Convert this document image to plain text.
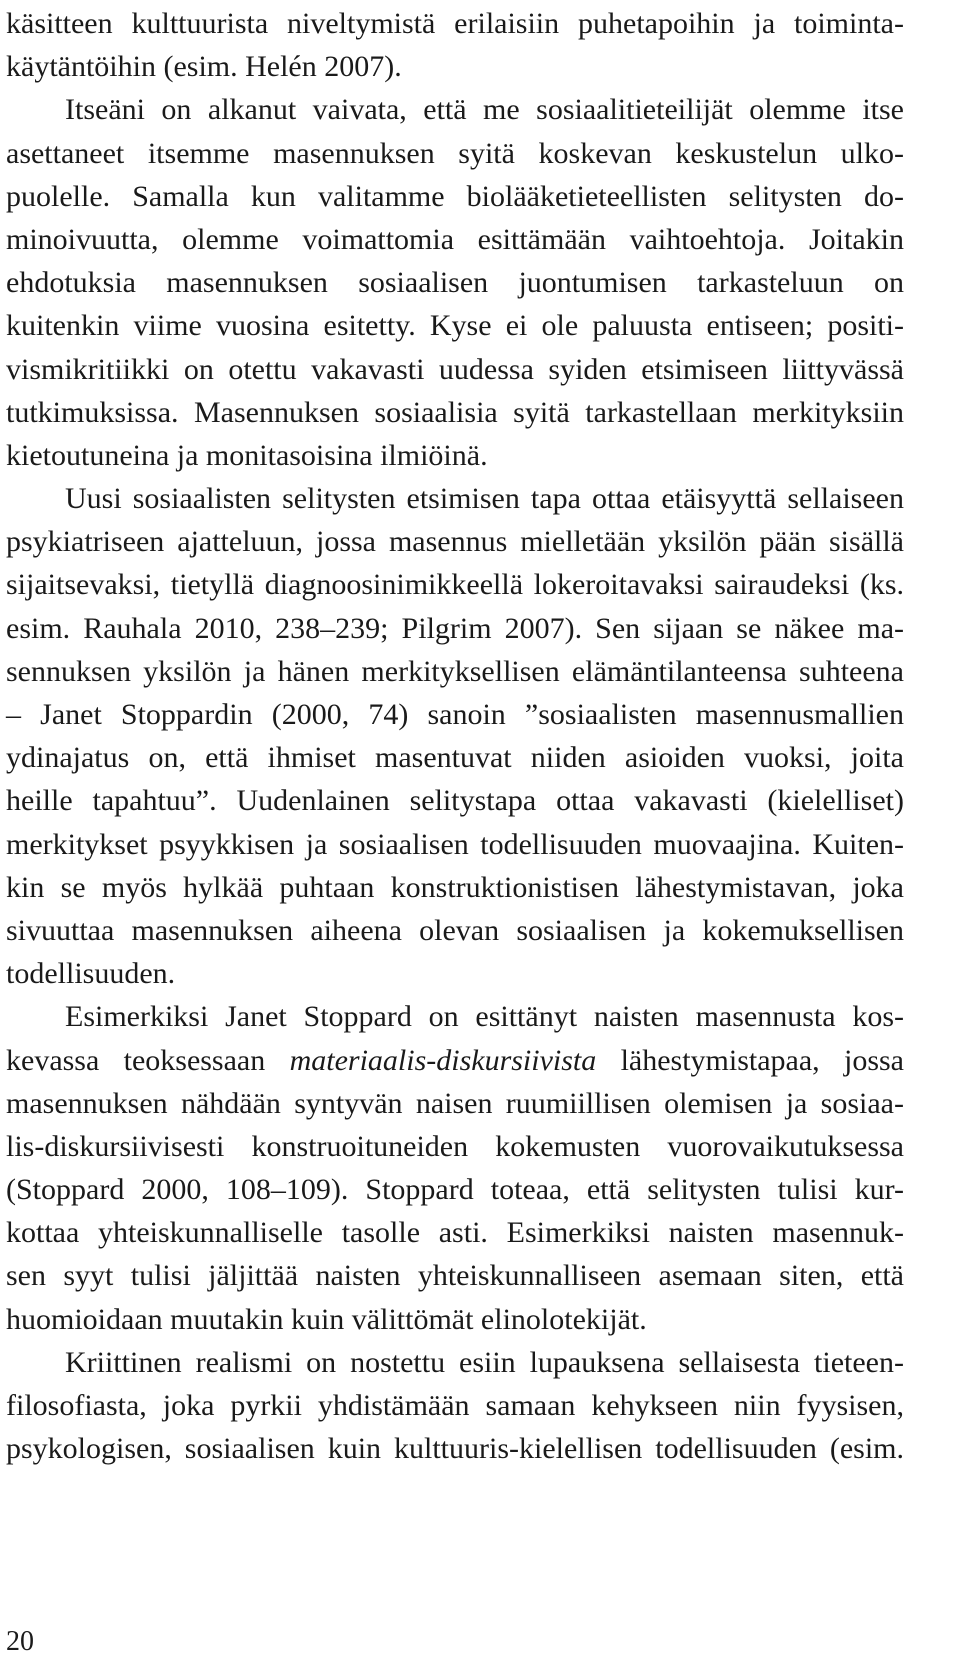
käsitteen kulttuurista niveltymistä erilaisiin puhetapoihin ja toiminta-
käytäntöihin (esim. Helén 2007).
Itseäni on alkanut vaivata, että me sosiaalitieteilijät olemme itse
asettaneet itsemme masennuksen syitä koskevan keskustelun ulko-
puolelle. Samalla kun valitamme biolääketieteellisten selitysten do-
minoivuutta, olemme voimattomia esittämään vaihtoehtoja. Joitakin
ehdotuksia masennuksen sosiaalisen juontumisen tarkasteluun on
kuitenkin viime vuosina esitetty. Kyse ei ole paluusta entiseen; positi-
vismikritiikki on otettu vakavasti uudessa syiden etsimiseen liittyvässä
tutkimuksissa. Masennuksen sosiaalisia syitä tarkastellaan merkityksiin
kietoutuneina ja monitasoisina ilmiöinä.
Uusi sosiaalisten selitysten etsimisen tapa ottaa etäisyyttä sellaiseen
psykiatriseen ajatteluun, jossa masennus mielletään yksilön pään sisällä
sijaitsevaksi, tietyllä diagnoosinimikkeellä lokeroitavaksi sairaudeksi (ks.
esim. Rauhala 2010, 238–239; Pilgrim 2007). Sen sijaan se näkee ma-
sennuksen yksilön ja hänen merkityksellisen elämäntilanteensa suhteena
– Janet Stoppardin (2000, 74) sanoin ”sosiaalisten masennusmallien
ydinajatus on, että ihmiset masentuvat niiden asioiden vuoksi, joita
heille tapahtuu”. Uudenlainen selitystapa ottaa vakavasti (kielelliset)
merkitykset psyykkisen ja sosiaalisen todellisuuden muovaajina. Kuiten-
kin se myös hylkää puhtaan konstruktionistisen lähestymistavan, joka
sivuuttaa masennuksen aiheena olevan sosiaalisen ja kokemuksellisen
todellisuuden.
Esimerkiksi Janet Stoppard on esittänyt naisten masennusta kos-
kevassa teoksessaan materiaalis-diskursiivista lähestymistapaa, jossa
masennuksen nähdään syntyvän naisen ruumiillisen olemisen ja sosiaa-
lis-diskursiivisesti konstruoituneiden kokemusten vuorovaikutuksessa
(Stoppard 2000, 108–109). Stoppard toteaa, että selitysten tulisi kur-
kottaa yhteiskunnalliselle tasolle asti. Esimerkiksi naisten masennuk-
sen syyt tulisi jäljittää naisten yhteiskunnalliseen asemaan siten, että
huomioidaan muutakin kuin välittömät elinolotekijät.
Kriittinen realismi on nostettu esiin lupauksena sellaisesta tieteen-
filosofiasta, joka pyrkii yhdistämään samaan kehykseen niin fyysisen,
psykologisen, sosiaalisen kuin kulttuuris-kielellisen todellisuuden (esim.
20
